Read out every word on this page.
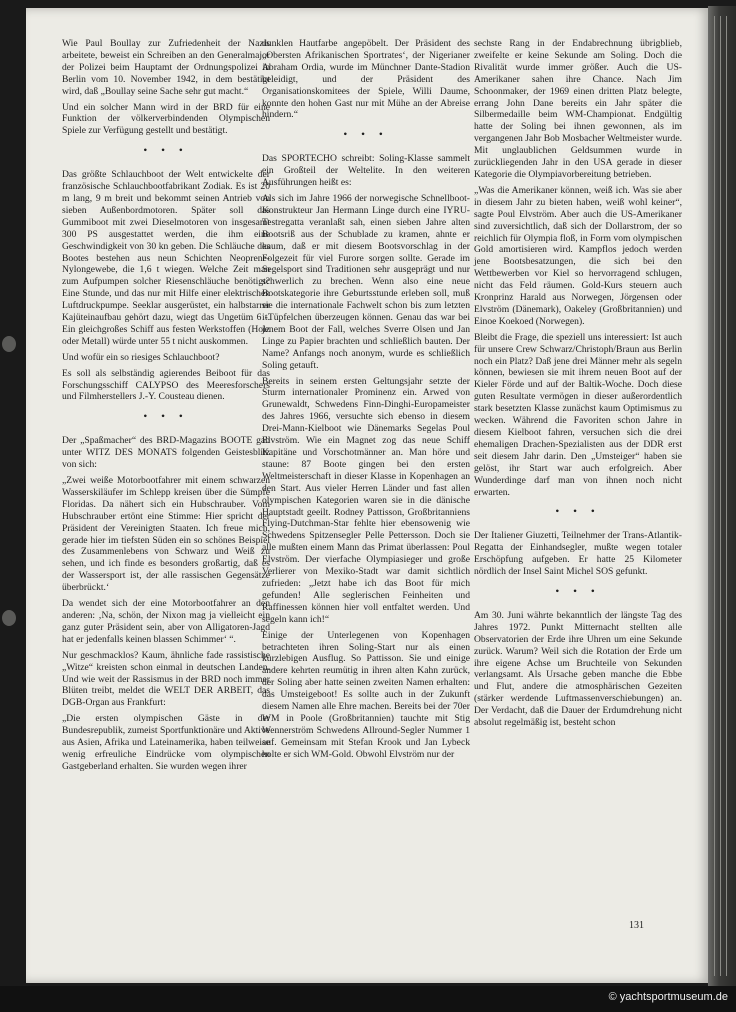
Wie Paul Boullay zur Zufriedenheit der Nazis arbeitete, beweist ein Schreiben an den Generalmajor der Polizei beim Hauptamt der Ordnungspolizei in Berlin vom 10. November 1942, in dem bestätigt wird, daß „Boullay seine Sache sehr gut macht.“

Und ein solcher Mann wird in der BRD für eine Funktion der völkerverbindenden Olympischen Spiele zur Verfügung gestellt und bestätigt.

• • •

Das größte Schlauchboot der Welt entwickelte der französische Schlauchbootfabrikant Zodiak. Es ist 20 m lang, 9 m breit und bekommt seinen Antrieb von sieben Außenbordmotoren. Später soll das Gummiboot mit zwei Dieselmotoren von insgesamt 300 PS ausgestattet werden, die ihm eine Geschwindigkeit von 30 kn geben. Die Schläuche des Bootes bestehen aus neun Schichten Neoprene-Nylongewebe, die 1,6 t wiegen. Welche Zeit man zum Aufpumpen solcher Riesenschläuche benötigt? Eine Stunde, und das nur mit Hilfe einer elektrischen Luftdruckpumpe. Seeklar ausgerüstet, ein halbstarrer Kajüteinaufbau gehört dazu, wiegt das Ungetüm 6 t. Ein gleichgroßes Schiff aus festen Werkstoffen (Holz oder Metall) würde unter 55 t nicht auskommen.

Und wofür ein so riesiges Schlauchboot?

Es soll als selbständig agierendes Beiboot für das Forschungsschiff CALYPSO des Meeresforschers und Filmherstellers J.-Y. Cousteau dienen.

• • •

Der „Spaßmacher“ des BRD-Magazins BOOTE gab unter WITZ DES MONATS folgenden Geistesblitz von sich:

„Zwei weiße Motorbootfahrer mit einem schwarzen Wasserskiläufer im Schlepp kreisen über die Sümpfe Floridas. Da nähert sich ein Hubschrauber. Vom Hubschrauber ertönt eine Stimme: Hier spricht der Präsident der Vereinigten Staaten. Ich freue mich, gerade hier im tiefsten Süden ein so schönes Beispiel des Zusammenlebens von Schwarz und Weiß zu sehen, und ich finde es besonders großartig, daß es der Wassersport ist, der alle rassischen Gegensätze überbrückt.‘

Da wendet sich der eine Motorbootfahrer an den anderen: ‚Na, schön, der Nixon mag ja vielleicht ein ganz guter Präsident sein, aber von Alligatoren-Jagd hat er jedenfalls keinen blassen Schimmer‘ “.

Nur geschmacklos? Kaum, ähnliche fade rassistische „Witze“ kreisten schon einmal in deutschen Landen. Und wie weit der Rassismus in der BRD noch immer Blüten treibt, meldet die WELT DER ARBEIT, das DGB-Organ aus Frankfurt:

„Die ersten olympischen Gäste in der Bundesrepublik, zumeist Sportfunktionäre und Aktive aus Asien, Afrika und Lateinamerika, haben teilweise wenig erfreuliche Eindrücke vom olympischen Gastgeberland erhalten. Sie wurden wegen ihrer

dunklen Hautfarbe angepöbelt. Der Präsident des „Obersten Afrikanischen Sportrates‘, der Nigerianer Abraham Ordia, wurde im Münchner Dante-Stadion beleidigt, und der Präsident des Organisationskomitees der Spiele, Willi Daume, konnte den hohen Gast nur mit Mühe an der Abreise hindern.“

• • •

Das SPORTECHO schreibt: Soling-Klasse sammelt ein Großteil der Weltelite. In den weiteren Ausführungen heißt es:

Als sich im Jahre 1966 der norwegische Schnellboot-Konstrukteur Jan Hermann Linge durch eine IYRU-Testregatta veranlaßt sah, einen sieben Jahre alten Bootsriß aus der Schublade zu kramen, ahnte er kaum, daß er mit diesem Bootsvorschlag in der Folgezeit für viel Furore sorgen sollte. Gerade im Segelsport sind Traditionen sehr ausgeprägt und nur schwerlich zu brechen. Wenn also eine neue Bootskategorie ihre Geburtsstunde erleben soll, muß sie die internationale Fachwelt schon bis zum letzten i-Tüpfelchen überzeugen können. Genau das war bei jenem Boot der Fall, welches Sverre Olsen und Jan Linge zu Papier brachten und schließlich bauten. Der Name? Anfangs noch anonym, wurde es schließlich Soling getauft.

Bereits in seinem ersten Geltungsjahr setzte der Sturm internationaler Prominenz ein. Arwed von Grunewaldt, Schwedens Finn-Dinghi-Europameister des Jahres 1966, versuchte sich ebenso in diesem Drei-Mann-Kielboot wie Dänemarks Segelas Poul Elvström. Wie ein Magnet zog das neue Schiff Kapitäne und Vorschotmänner an. Man höre und staune: 87 Boote gingen bei den ersten Weltmeisterschaft in dieser Klasse in Kopenhagen an den Start. Aus vieler Herren Länder und fast allen olympischen Kategorien waren sie in die dänische Hauptstadt geeilt. Rodney Pattisson, Großbritanniens Flying-Dutchman-Star fehlte hier ebensowenig wie Schwedens Spitzensegler Pelle Pettersson. Doch sie alle mußten einem Mann das Primat überlassen: Poul Elvström. Der vierfache Olympiasieger und große Verlierer von Mexiko-Stadt war damit sichtlich zufrieden: „Jetzt habe ich das Boot für mich gefunden! Alle seglerischen Feinheiten und Raffinessen können hier voll entfaltet werden. Und segeln kann ich!“

Einige der Unterlegenen von Kopenhagen betrachteten ihren Soling-Start nur als einen kurzlebigen Ausflug. So Pattisson. Sie und einige andere kehrten reumütig in ihren alten Kahn zurück, der Soling aber hatte seinen zweiten Namen erhalten: das Umsteigeboot! Es sollte auch in der Zukunft diesem Namen alle Ehre machen. Bereits bei der 70er WM in Poole (Großbritannien) tauchte mit Stig Wennerström Schwedens Allround-Segler Nummer 1 auf. Gemeinsam mit Stefan Krook und Jan Lybeck holte er sich WM-Gold. Obwohl Elvström nur der

sechste Rang in der Endabrechnung übrigblieb, zweifelte er keine Sekunde am Soling. Doch die Rivalität wurde immer größer. Auch die US-Amerikaner sahen ihre Chance. Nach Jim Schoonmaker, der 1969 einen dritten Platz belegte, errang John Dane bereits ein Jahr später die Silbermedaille beim WM-Championat. Endgültig hatte der Soling bei ihnen gewonnen, als im vergangenen Jahr Bob Mosbacher Weltmeister wurde. Mit unglaublichen Geldsummen wurde in zurückliegenden Jahr in den USA gerade in dieser Kategorie die Olympiavorbereitung betrieben.

„Was die Amerikaner können, weiß ich. Was sie aber in diesem Jahr zu bieten haben, weiß wohl keiner“, sagte Poul Elvström. Aber auch die US-Amerikaner sind zuversichtlich, daß sich der Dollarstrom, der so reichlich für Olympia floß, in Form vom olympischen Gold amortisieren wird. Kampflos jedoch werden jene Bootsbesatzungen, die sich bei den Wettbewerben vor Kiel so hervorragend schlugen, nicht das Feld räumen. Gold-Kurs steuern auch Kronprinz Harald aus Norwegen, Jörgensen oder Elvström (Dänemark), Oakeley (Großbritannien) und Einoe Koekoed (Norwegen).

Bleibt die Frage, die speziell uns interessiert: Ist auch für unsere Crew Schwarz/Christoph/Braun aus Berlin noch ein Platz? Daß jene drei Männer mehr als segeln können, bewiesen sie mit ihrem neuen Boot auf der Kieler Förde und auf der Baltik-Woche. Doch diese guten Resultate vermögen in dieser außerordentlich stark besetzten Klasse zunächst kaum Optimismus zu wecken. Während die Favoriten schon Jahre in diesem Kielboot fahren, versuchen sich die drei ehemaligen Drachen-Spezialisten aus der DDR erst seit diesem Jahr darin. Den „Umsteiger“ haben sie gelöst, ihr Start war auch erfolgreich. Aber Wunderdinge darf man von ihnen noch nicht erwarten.

• • •

Der Italiener Giuzetti, Teilnehmer der Trans-Atlantik-Regatta der Einhandsegler, mußte wegen totaler Erschöpfung aufgeben. Er hatte 25 Kilometer nördlich der Insel Saint Michel SOS gefunkt.

• • •

Am 30. Juni währte bekanntlich der längste Tag des Jahres 1972. Punkt Mitternacht stellten alle Observatorien der Erde ihre Uhren um eine Sekunde zurück. Warum? Weil sich die Rotation der Erde um ihre eigene Achse um Bruchteile von Sekunden verlangsamt. Als Ursache geben manche die Ebbe und Flut, andere die atmosphärischen Gezeiten (stärker werdende Luftmassenverschiebungen) an. Der Verdacht, daß die Dauer der Erdumdrehung nicht absolut regelmäßig ist, besteht schon

131
© yachtsportmuseum.de
